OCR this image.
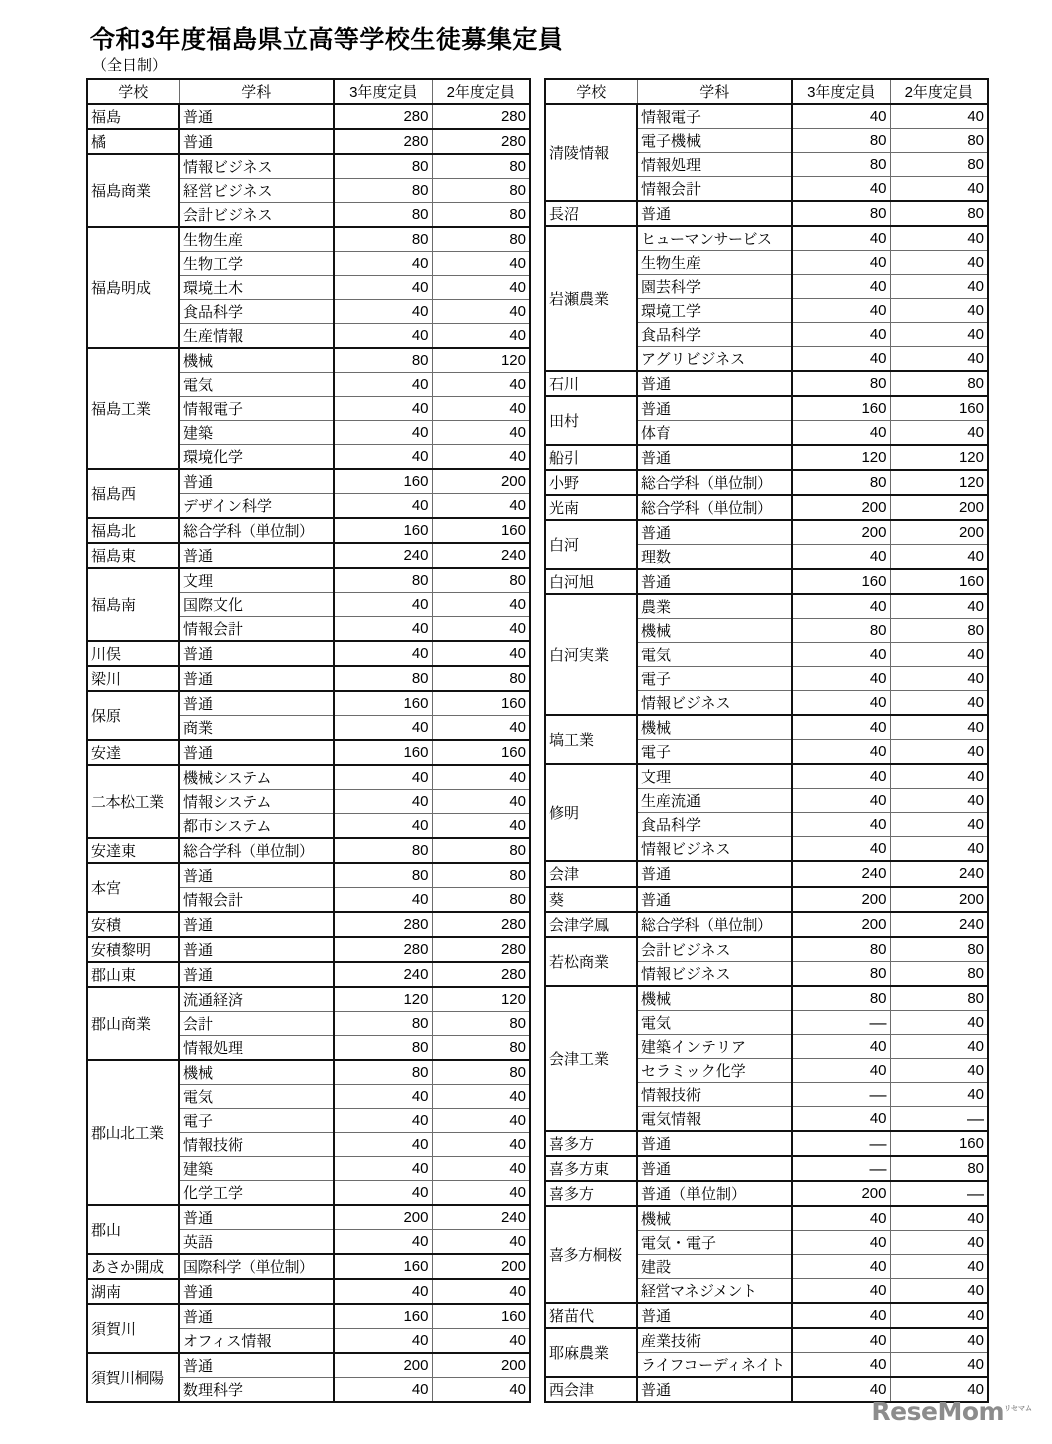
令和3年度福島県立高等学校生徒募集定員
（全日制）
学校	学科	3年度定員	2年度定員
福島	普通	280	280
橘	普通	280	280
福島商業	情報ビジネス	80	80
	経営ビジネス	80	80
	会計ビジネス	80	80
福島明成	生物生産	80	80
	生物工学	40	40
	環境土木	40	40
	食品科学	40	40
	生産情報	40	40
福島工業	機械	80	120
	電気	40	40
	情報電子	40	40
	建築	40	40
	環境化学	40	40
福島西	普通	160	200
	デザイン科学	40	40
福島北	総合学科（単位制）	160	160
福島東	普通	240	240
福島南	文理	80	80
	国際文化	40	40
	情報会計	40	40
川俣	普通	40	40
梁川	普通	80	80
保原	普通	160	160
	商業	40	40
安達	普通	160	160
二本松工業	機械システム	40	40
	情報システム	40	40
	都市システム	40	40
安達東	総合学科（単位制）	80	80
本宮	普通	80	80
	情報会計	40	80
安積	普通	280	280
安積黎明	普通	280	280
郡山東	普通	240	280
郡山商業	流通経済	120	120
	会計	80	80
	情報処理	80	80
郡山北工業	機械	80	80
	電気	40	40
	電子	40	40
	情報技術	40	40
	建築	40	40
	化学工学	40	40
郡山	普通	200	240
	英語	40	40
あさか開成	国際科学（単位制）	160	200
湖南	普通	40	40
須賀川	普通	160	160
	オフィス情報	40	40
須賀川桐陽	普通	200	200
	数理科学	40	40
学校	学科	3年度定員	2年度定員
清陵情報	情報電子	40	40
	電子機械	80	80
	情報処理	80	80
	情報会計	40	40
長沼	普通	80	80
岩瀬農業	ヒューマンサービス	40	40
	生物生産	40	40
	園芸科学	40	40
	環境工学	40	40
	食品科学	40	40
	アグリビジネス	40	40
石川	普通	80	80
田村	普通	160	160
	体育	40	40
船引	普通	120	120
小野	総合学科（単位制）	80	120
光南	総合学科（単位制）	200	200
白河	普通	200	200
	理数	40	40
白河旭	普通	160	160
白河実業	農業	40	40
	機械	80	80
	電気	40	40
	電子	40	40
	情報ビジネス	40	40
塙工業	機械	40	40
	電子	40	40
修明	文理	40	40
	生産流通	40	40
	食品科学	40	40
	情報ビジネス	40	40
会津	普通	240	240
葵	普通	200	200
会津学鳳	総合学科（単位制）	200	240
若松商業	会計ビジネス	80	80
	情報ビジネス	80	80
会津工業	機械	80	80
	電気	—	40
	建築インテリア	40	40
	セラミック化学	40	40
	情報技術	—	40
	電気情報	40	—
喜多方	普通	—	160
喜多方東	普通	—	80
喜多方	普通（単位制）	200	—
喜多方桐桜	機械	40	40
	電気・電子	40	40
	建設	40	40
	経営マネジメント	40	40
猪苗代	普通	40	40
耶麻農業	産業技術	40	40
	ライフコーディネイト	40	40
西会津	普通	40	40
ReseMom$^{リセマム}$
